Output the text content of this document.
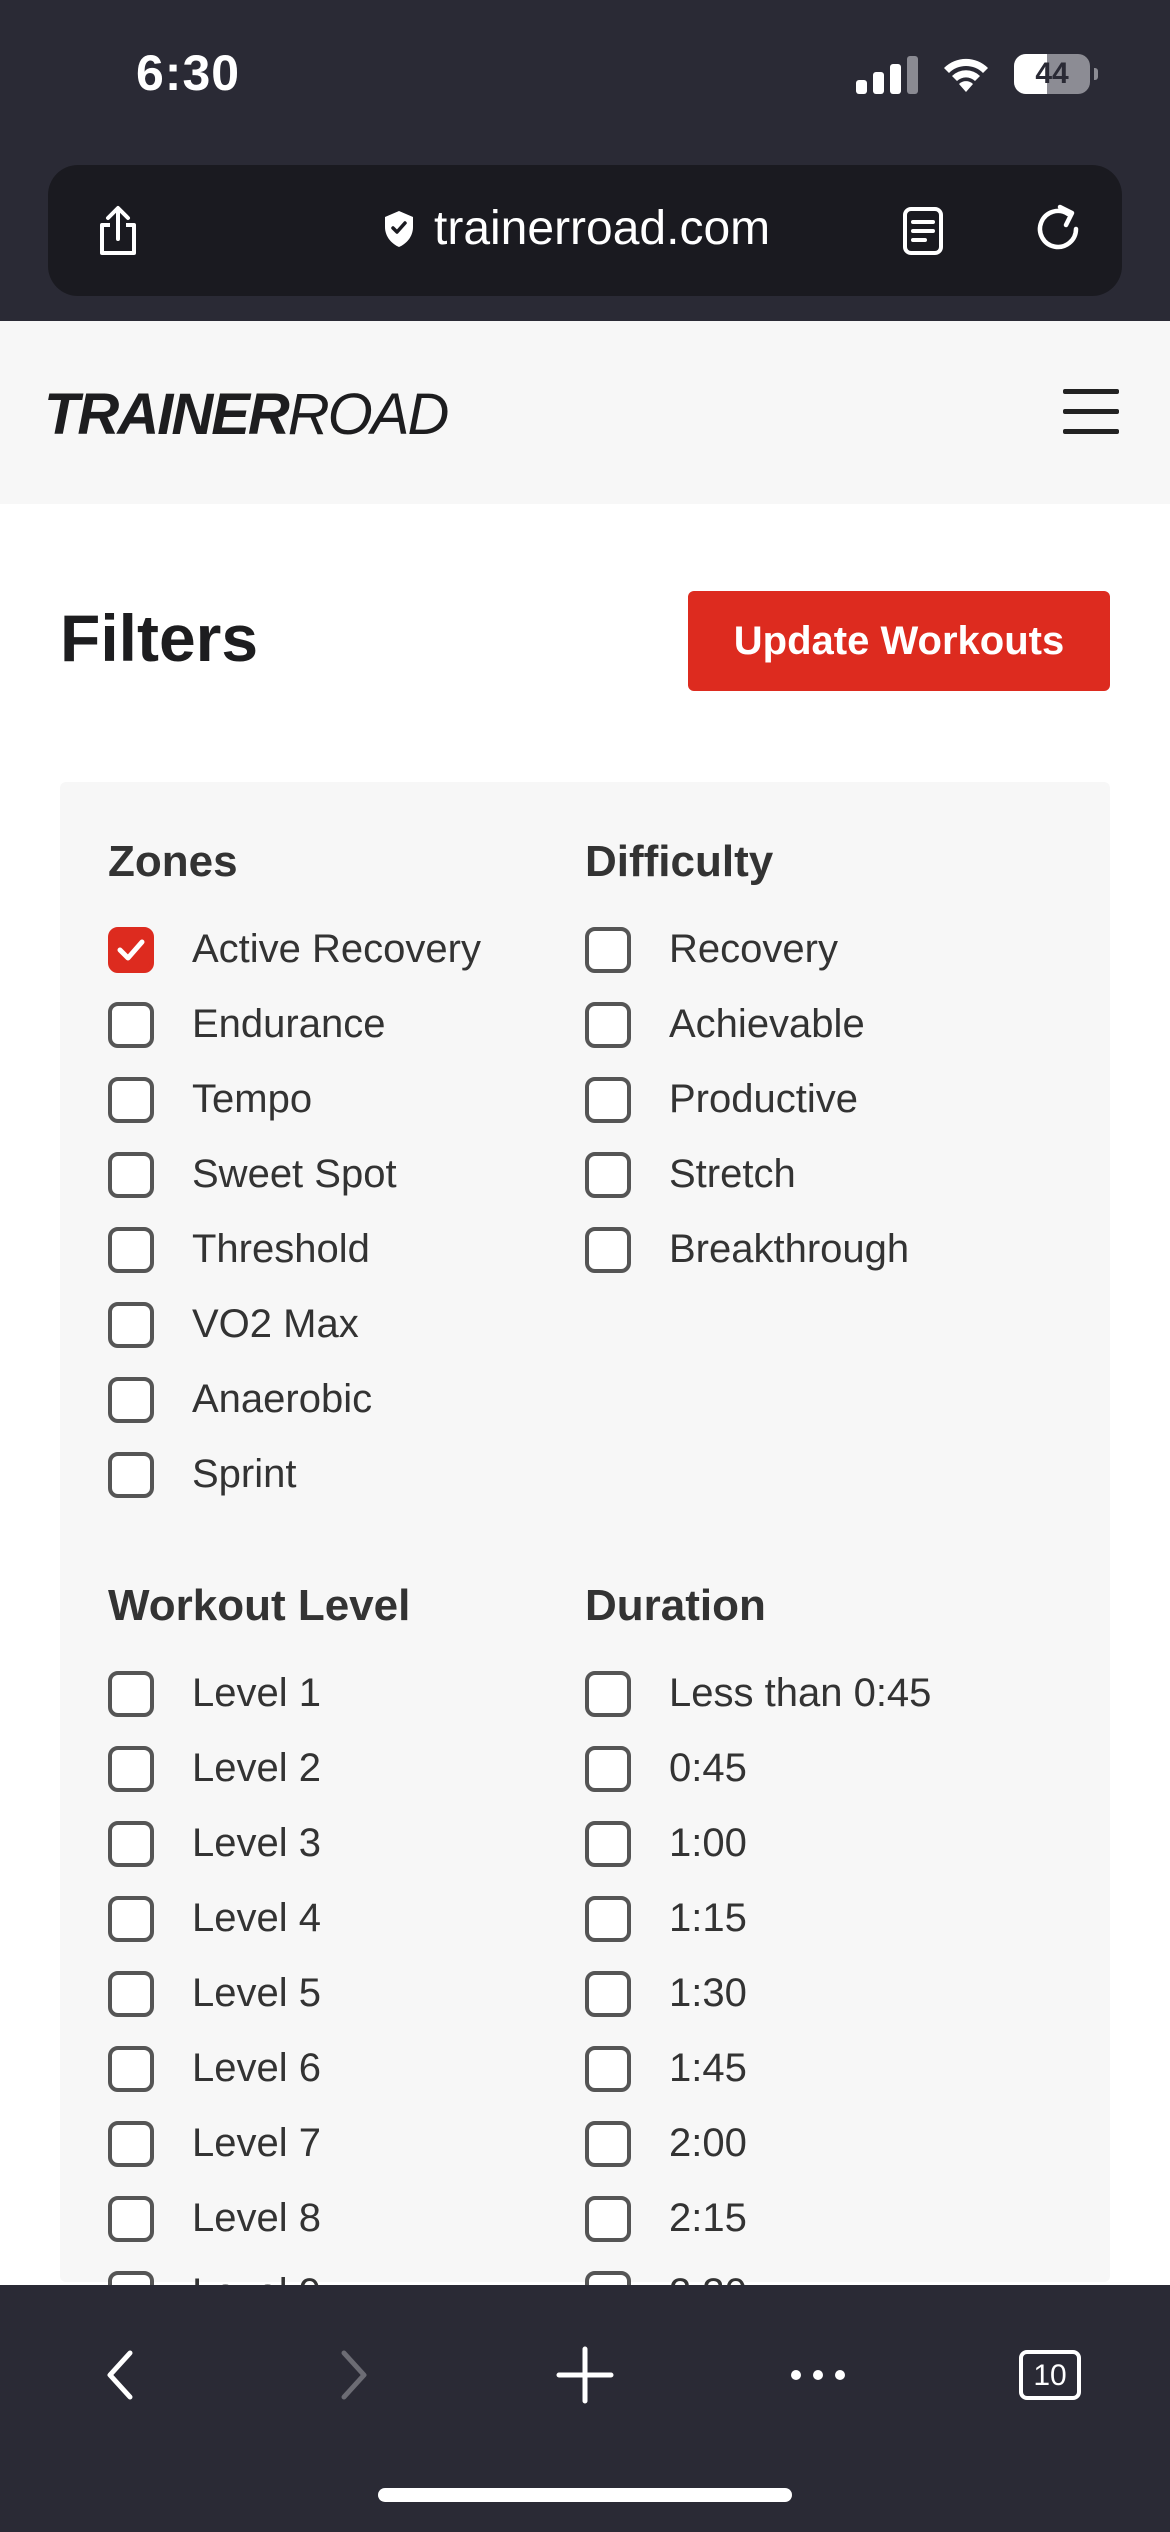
6:30	44
trainerroad.com
TRAINERROAD
Filters	Update Workouts
Zones
Active Recovery
Endurance
Tempo
Sweet Spot
Threshold
VO2 Max
Anaerobic
Sprint
Difficulty
Recovery
Achievable
Productive
Stretch
Breakthrough
Workout Level
Level 1
Level 2
Level 3
Level 4
Level 5
Level 6
Level 7
Level 8
Duration
Less than 0:45
0:45
1:00
1:15
1:30
1:45
2:00
2:15
10
